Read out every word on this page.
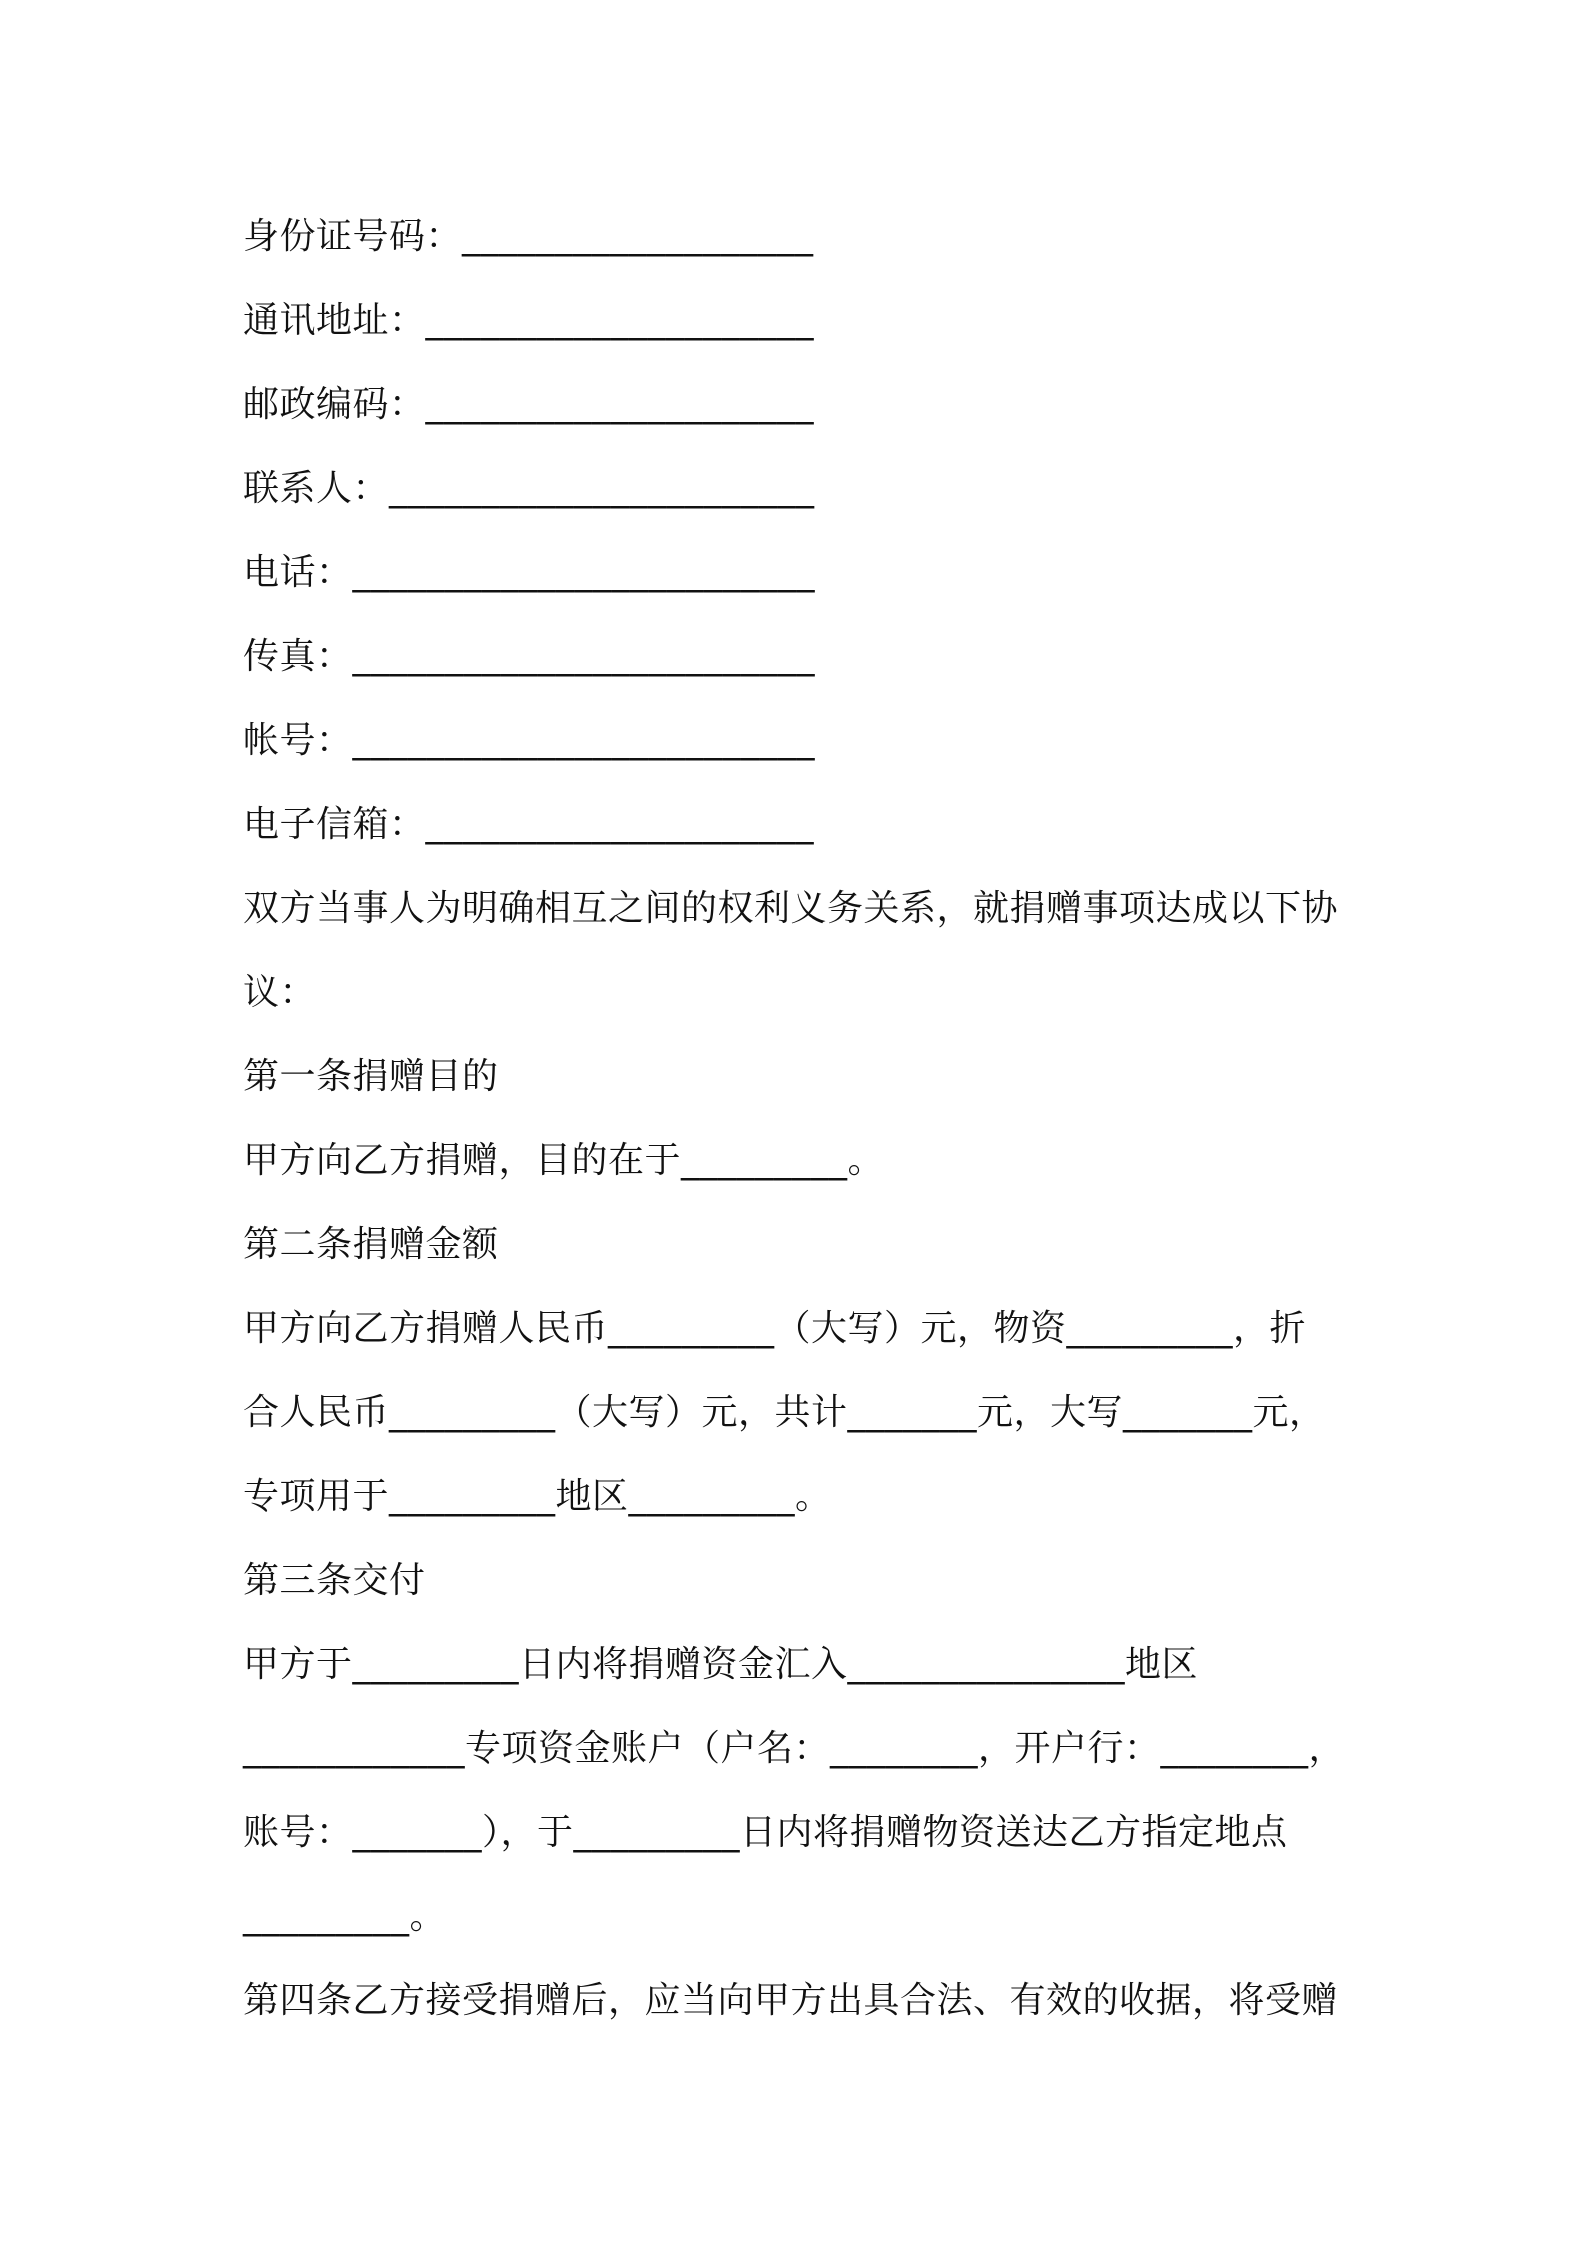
身份证号码：___________________
通讯地址：_____________________
邮政编码：_____________________
联系人：_______________________
电话：_________________________
传真：_________________________
帐号：_________________________
电子信箱：_____________________
双方当事人为明确相互之间的权利义务关系，就捐赠事项达成以下协
议：
第一条捐赠目的
甲方向乙方捐赠，目的在于_________。
第二条捐赠金额
甲方向乙方捐赠人民币_________（大写）元，物资_________，折
合人民币_________（大写）元，共计_______元，大写_______元，
专项用于_________地区_________。
第三条交付
甲方于_________日内将捐赠资金汇入_______________地区
____________专项资金账户（户名：________，开户行：________，
账号：_______），于_________日内将捐赠物资送达乙方指定地点
_________。
第四条乙方接受捐赠后，应当向甲方出具合法、有效的收据，将受赠
